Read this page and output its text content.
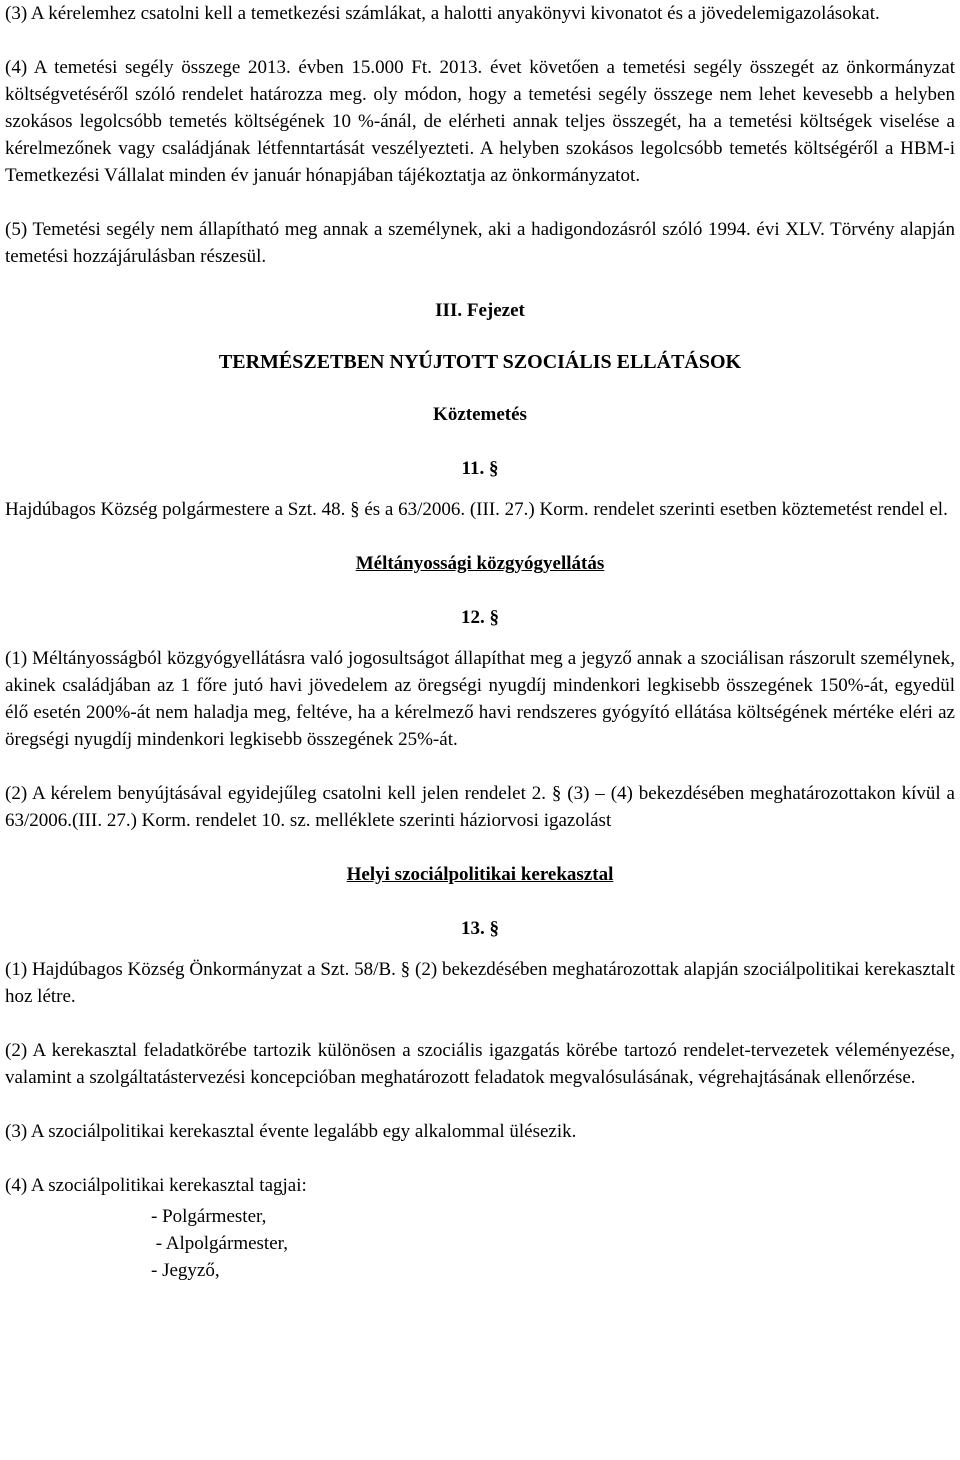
(3) A kérelemhez csatolni kell a temetkezési számlákat, a halotti anyakönyvi kivonatot és a jövedelemigazolásokat.

(4) A temetési segély összege 2013. évben 15.000 Ft. 2013. évet követően a temetési segély összegét az önkormányzat költségvetéséről szóló rendelet határozza meg. oly módon, hogy a temetési segély összege nem lehet kevesebb a helyben szokásos legolcsóbb temetés költségének 10 %-ánál, de elérheti annak teljes összegét, ha a temetési költségek viselése a kérelmezőnek vagy családjának létfenntartását veszélyezteti. A helyben szokásos legolcsóbb temetés költségéről a HBM-i Temetkezési Vállalat minden év január hónapjában tájékoztatja az önkormányzatot.

(5) Temetési segély nem állapítható meg annak a személynek, aki a hadigondozásról szóló 1994. évi XLV. Törvény alapján temetési hozzájárulásban részesül.

III. Fejezet
TERMÉSZETBEN NYÚJTOTT SZOCIÁLIS ELLÁTÁSOK
Köztemetés
11. §

Hajdúbagos Község polgármestere a Szt. 48. § és a 63/2006. (III. 27.) Korm. rendelet szerinti esetben köztemetést rendel el.

Méltányossági közgyógyellátás
12. §

(1) Méltányosságból közgyógyellátásra való jogosultságot állapíthat meg a jegyző annak a szociálisan rászorult személynek, akinek családjában az 1 főre jutó havi jövedelem az öregségi nyugdíj mindenkori legkisebb összegének 150%-át, egyedül élő esetén 200%-át nem haladja meg, feltéve, ha a kérelmező havi rendszeres gyógyító ellátása költségének mértéke eléri az öregségi nyugdíj mindenkori legkisebb összegének 25%-át.

(2) A kérelem benyújtásával egyidejűleg csatolni kell jelen rendelet 2. § (3) – (4) bekezdésében meghatározottakon kívül a 63/2006.(III. 27.) Korm. rendelet 10. sz. melléklete szerinti háziorvosi igazolást

Helyi szociálpolitikai kerekasztal
13. §

(1) Hajdúbagos Község Önkormányzat a Szt. 58/B. § (2) bekezdésében meghatározottak alapján szociálpolitikai kerekasztalt hoz létre.

(2) A kerekasztal feladatkörébe tartozik különösen a szociális igazgatás körébe tartozó rendelet-tervezetek véleményezése, valamint a szolgáltatástervezési koncepcióban meghatározott feladatok megvalósulásának, végrehajtásának ellenőrzése.

(3) A szociálpolitikai kerekasztal évente legalább egy alkalommal ülésezik.

(4) A szociálpolitikai kerekasztal tagjai:

- Polgármester,
- Alpolgármester,
- Jegyző,
